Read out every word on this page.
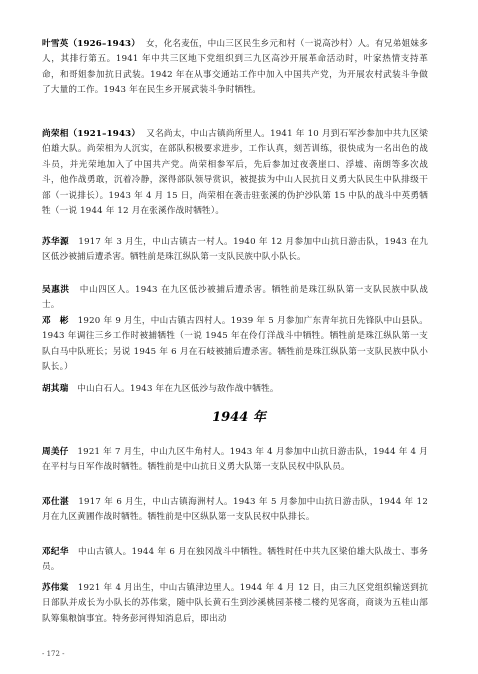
叶雪英（1926–1943） 女，化名麦伍，中山三区民生乡元和村（一说高沙村）人。有兄弟姐妹多人，其排行第五。1941 年中共三区地下党组织到三九区高沙开展革命活动时，叶家热情支持革命，和哥姐参加抗日武装。1942 年在从事交通站工作中加入中国共产党，为开展农村武装斗争做了大量的工作。1943 年在民生乡开展武装斗争时牺牲。

尚荣相（1921–1943） 又名尚太，中山古镇尚所里人。1941 年 10 月到石军沙参加中共九区梁伯雄大队。尚荣相为人沉实，在部队积极要求进步，工作认真，刻苦训练，很快成为一名出色的战斗员，并光荣地加入了中国共产党。尚荣相参军后，先后参加过夜袭崖口、浮墟、南朗等多次战斗，他作战勇敢，沉着冷静，深得部队领导赏识，被提拔为中山人民抗日义勇大队民生中队排级干部（一说排长）。1943 年 4 月 15 日，尚荣相在袭击驻张溪的伪护沙队第 15 中队的战斗中英勇牺牲（一说 1944 年 12 月在张溪作战时牺牲）。

苏华源 1917 年 3 月生，中山古镇古一村人。1940 年 12 月参加中山抗日游击队，1943 在九区低沙被捕后遭杀害。牺牲前是珠江纵队第一支队民族中队小队长。

吴惠洪 中山四区人。1943 在九区低沙被捕后遭杀害。牺牲前是珠江纵队第一支队民族中队战士。

邓　彬 1920 年 9 月生，中山古镇古四村人。1939 年 5 月参加广东青年抗日先锋队中山县队。1943 年调往三乡工作时被捕牺牲（一说 1945 年在伶仃洋战斗中牺牲。牺牲前是珠江纵队第一支队白马中队班长；另说 1945 年 6 月在石岐被捕后遭杀害。牺牲前是珠江纵队第一支队民族中队小队长。）

胡其瑞 中山白石人。1943 年在九区低沙与敌作战中牺牲。

1944 年

周美仔 1921 年 7 月生，中山九区牛角村人。1943 年 4 月参加中山抗日游击队，1944 年 4 月在平村与日军作战时牺牲。牺牲前是中山抗日义勇大队第一支队民权中队队员。

邓仕湛 1917 年 6 月生，中山古镇海洲村人。1943 年 5 月参加中山抗日游击队，1944 年 12 月在九区黄圃作战时牺牲。牺牲前是中区纵队第一支队民权中队排长。

邓纪华 中山古镇人。1944 年 6 月在独冈战斗中牺牲。牺牲时任中共九区梁伯雄大队战士、事务员。

苏伟棠 1921 年 4 月出生，中山古镇津边里人。1944 年 4 月 12 日，由三九区党组织输送到抗日部队并成长为小队长的苏伟棠，随中队长黄石生到沙溪桃园茶楼二楼约见客商，商谈为五桂山部队筹集粮饷事宜。特务彭河得知消息后，即出动

- 172 -
